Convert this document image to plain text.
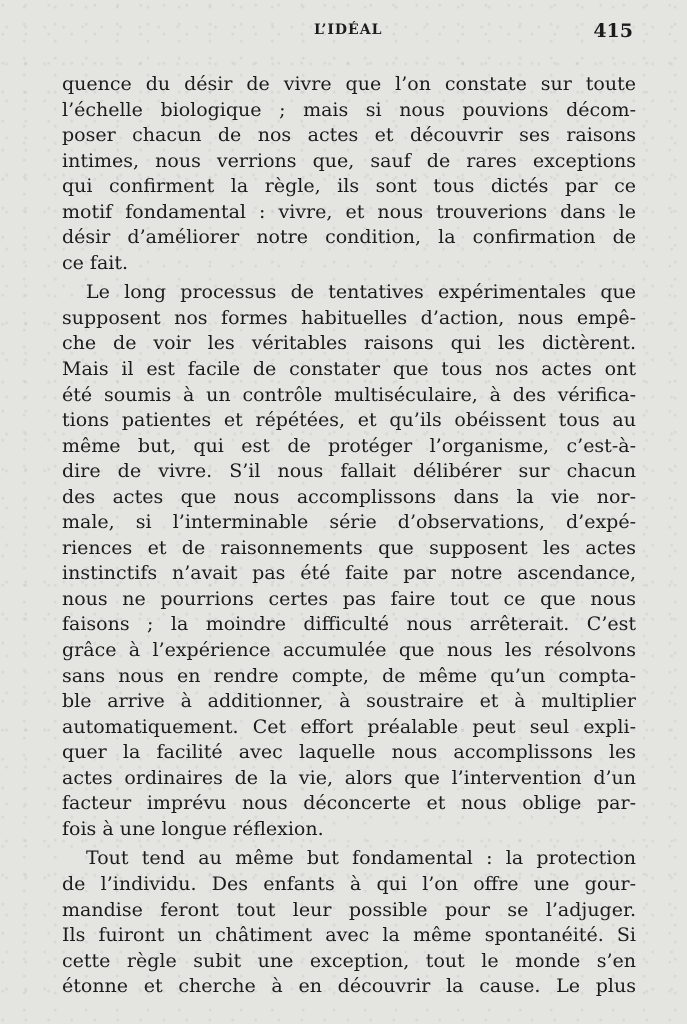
L’IDÉAL	415
quence du désir de vivre que l’on constate sur toute
l’échelle biologique ; mais si nous pouvions décom-
poser chacun de nos actes et découvrir ses raisons
intimes, nous verrions que, sauf de rares exceptions
qui confirment la règle, ils sont tous dictés par ce
motif fondamental : vivre, et nous trouverions dans le
désir d’améliorer notre condition, la confirmation de
ce fait.
Le long processus de tentatives expérimentales que
supposent nos formes habituelles d’action, nous empê-
che de voir les véritables raisons qui les dictèrent.
Mais il est facile de constater que tous nos actes ont
été soumis à un contrôle multiséculaire, à des vérifica-
tions patientes et répétées, et qu’ils obéissent tous au
même but, qui est de protéger l’organisme, c’est-à-
dire de vivre. S’il nous fallait délibérer sur chacun
des actes que nous accomplissons dans la vie nor-
male, si l’interminable série d’observations, d’expé-
riences et de raisonnements que supposent les actes
instinctifs n’avait pas été faite par notre ascendance,
nous ne pourrions certes pas faire tout ce que nous
faisons ; la moindre difficulté nous arrêterait. C’est
grâce à l’expérience accumulée que nous les résolvons
sans nous en rendre compte, de même qu’un compta-
ble arrive à additionner, à soustraire et à multiplier
automatiquement. Cet effort préalable peut seul expli-
quer la facilité avec laquelle nous accomplissons les
actes ordinaires de la vie, alors que l’intervention d’un
facteur imprévu nous déconcerte et nous oblige par-
fois à une longue réflexion.
Tout tend au même but fondamental : la protection
de l’individu. Des enfants à qui l’on offre une gour-
mandise feront tout leur possible pour se l’adjuger.
Ils fuiront un châtiment avec la même spontanéité. Si
cette règle subit une exception, tout le monde s’en
étonne et cherche à en découvrir la cause. Le plus
